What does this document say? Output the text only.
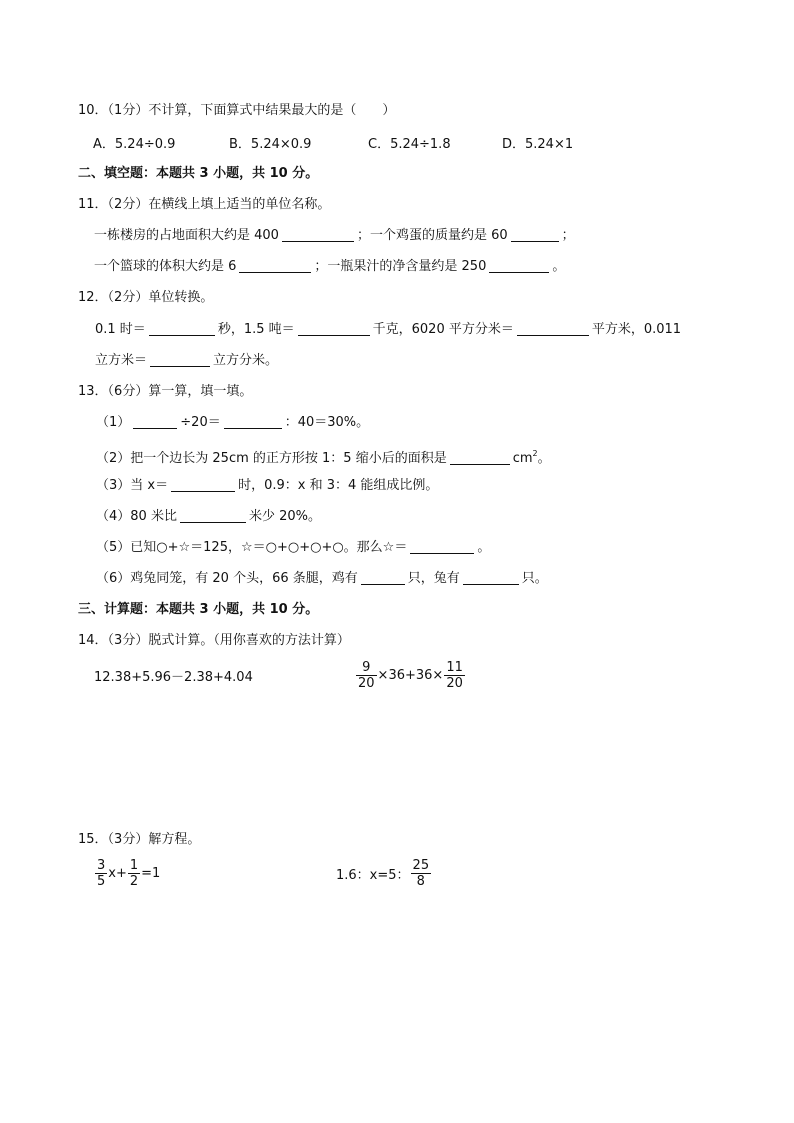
10．（1分）不计算，下面算式中结果最大的是（　　）
A．5.24÷0.9	B．5.24×0.9	C．5.24÷1.8	D．5.24×1
二、填空题：本题共 3 小题，共 10 分。
11．（2分）在横线上填上适当的单位名称。
一栋楼房的占地面积大约是 400	；一个鸡蛋的质量约是 60	；
一个篮球的体积大约是 6	；一瓶果汁的净含量约是 250	。
12．（2分）单位转换。
0.1 时＝	秒，1.5 吨＝	千克，6020 平方分米＝	平方米，0.011
立方米＝	立方分米。
13．（6分）算一算，填一填。
（1）	÷20＝	：40＝30%。
（2）把一个边长为 25cm 的正方形按 1：5 缩小后的面积是	$cm^2$。
（3）当 x＝	时，0.9：x 和 3：4 能组成比例。
（4）80 米比	米少 20%。
（5）已知○+☆＝125，☆＝○+○+○+○。那么☆＝	。
（6）鸡兔同笼，有 20 个头，66 条腿，鸡有	只，兔有	只。
三、计算题：本题共 3 小题，共 10 分。
14．（3分）脱式计算。（用你喜欢的方法计算）
12.38+5.96－2.38+4.04	$\frac{9}{20} \times 36+36\times \frac{11}{20}$
15．（3分）解方程。
$\frac{3}{5} x+ \frac{1}{2} =1$	1.6：x=5： $\frac{25}{8}$
